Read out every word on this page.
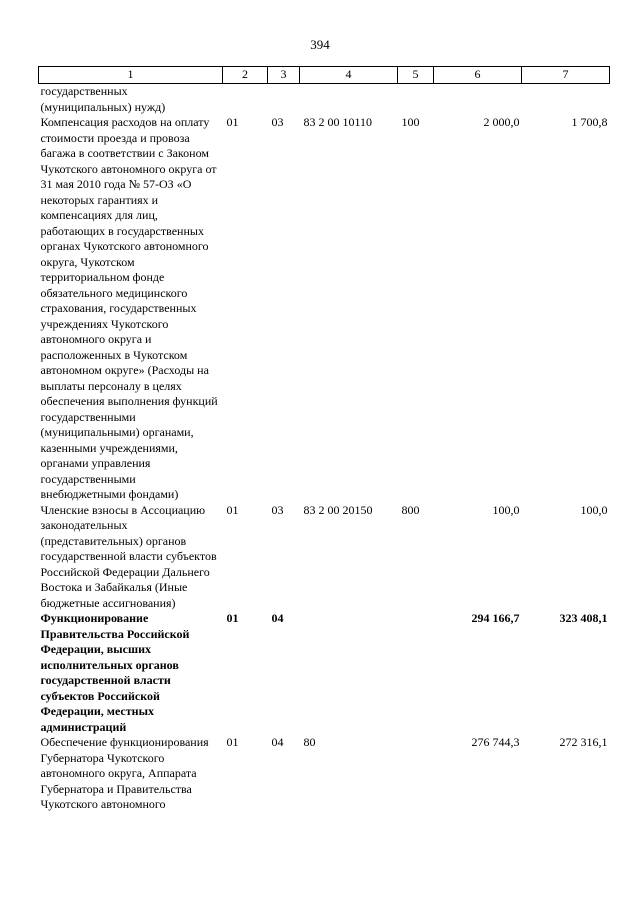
394
1	2	3	4	5	6	7
государственных (муниципальных) нужд)						
Компенсация расходов на оплату стоимости проезда и провоза багажа в соответствии с Законом Чукотского автономного округа от 31 мая 2010 года № 57-ОЗ «О некоторых гарантиях и компенсациях для лиц, работающих в государственных органах Чукотского автономного округа, Чукотском территориальном фонде обязательного медицинского страхования, государственных учреждениях Чукотского автономного округа и расположенных в Чукотском автономном округе» (Расходы на выплаты персоналу в целях обеспечения выполнения функций государственными (муниципальными) органами, казенными учреждениями, органами управления государственными внебюджетными фондами)	01	03	83 2 00 10110	100	2 000,0	1 700,8
Членские взносы в Ассоциацию законодательных (представительных) органов государственной власти субъектов Российской Федерации Дальнего Востока и Забайкалья (Иные бюджетные ассигнования)	01	03	83 2 00 20150	800	100,0	100,0
Функционирование Правительства Российской Федерации, высших исполнительных органов государственной власти субъектов Российской Федерации, местных администраций	01	04			294 166,7	323 408,1
Обеспечение функционирования Губернатора Чукотского автономного округа, Аппарата Губернатора и Правительства Чукотского автономного	01	04	80		276 744,3	272 316,1
